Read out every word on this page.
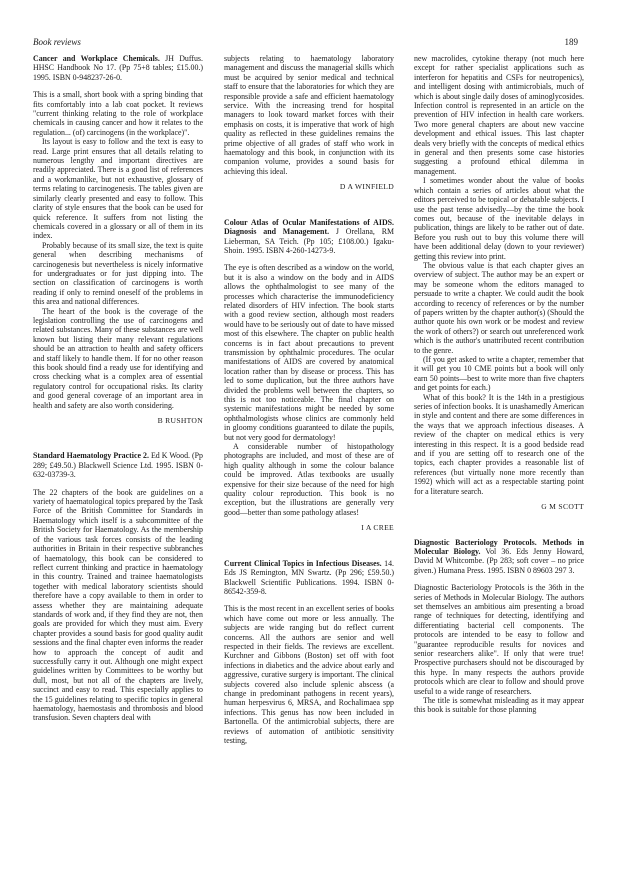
Book reviews	189
Cancer and Workplace Chemicals. JH Duffus. HHSC Handbook No 17. (Pp 75+8 tables; £15.00.) 1995. ISBN 0-948237-26-0.

This is a small, short book with a spring binding that fits comfortably into a lab coat pocket. It reviews "current thinking relating to the role of workplace chemicals in causing cancer and how it relates to the regulation... (of) carcinogens (in the workplace)".

Its layout is easy to follow and the text is easy to read. Large print ensures that all details relating to numerous lengthy and important directives are readily appreciated. There is a good list of references and a workmanlike, but not exhaustive, glossary of terms relating to carcinogenesis. The tables given are similarly clearly presented and easy to follow. This clarity of style ensures that the book can be used for quick reference. It suffers from not listing the chemicals covered in a glossary or all of them in its index.

Probably because of its small size, the text is quite general when describing mechanisms of carcinogenesis but nevertheless is nicely informative for undergraduates or for just dipping into. The section on classification of carcinogens is worth reading if only to remind oneself of the problems in this area and national differences.

The heart of the book is the coverage of the legislation controlling the use of carcinogens and related substances. Many of these substances are well known but listing their many relevant regulations should be an attraction to health and safety officers and staff likely to handle them. If for no other reason this book should find a ready use for identifying and cross checking what is a complex area of essential regulatory control for occupational risks. Its clarity and good general coverage of an important area in health and safety are also worth considering.

B RUSHTON
Standard Haematology Practice 2. Ed K Wood. (Pp 289; £49.50.) Blackwell Science Ltd. 1995. ISBN 0-632-03739-3.

The 22 chapters of the book are guidelines on a variety of haematological topics prepared by the Task Force of the British Committee for Standards in Haematology which itself is a subcommittee of the British Society for Haematology. As the membership of the various task forces consists of the leading authorities in Britain in their respective subbranches of haematology, this book can be considered to reflect current thinking and practice in haematology in this country. Trained and trainee haematologists together with medical laboratory scientists should therefore have a copy available to them in order to assess whether they are maintaining adequate standards of work and, if they find they are not, then goals are provided for which they must aim. Every chapter provides a sound basis for good quality audit sessions and the final chapter even informs the reader how to approach the concept of audit and successfully carry it out. Although one might expect guidelines written by Committees to be worthy but dull, most, but not all of the chapters are lively, succinct and easy to read. This especially applies to the 15 guidelines relating to specific topics in general haematology, haemostasis and thrombosis and blood transfusion. Seven chapters deal with

subjects relating to haematology laboratory management and discuss the managerial skills which must be acquired by senior medical and technical staff to ensure that the laboratories for which they are responsible provide a safe and efficient haematology service. With the increasing trend for hospital managers to look toward market forces with their emphasis on costs, it is imperative that work of high quality as reflected in these guidelines remains the prime objective of all grades of staff who work in haematology and this book, in conjunction with its companion volume, provides a sound basis for achieving this ideal.

D A WINFIELD
Colour Atlas of Ocular Manifestations of AIDS. Diagnosis and Management. J Orellana, RM Lieberman, SA Teich. (Pp 105; £108.00.) Igaku-Shoin. 1995. ISBN 4-260-14273-9.

The eye is often described as a window on the world, but it is also a window on the body and in AIDS allows the ophthalmologist to see many of the processes which characterise the immunodeficiency related disorders of HIV infection. The book starts with a good review section, although most readers would have to be seriously out of date to have missed most of this elsewhere. The chapter on public health concerns is in fact about precautions to prevent transmission by ophthalmic procedures. The ocular manifestations of AIDS are covered by anatomical location rather than by disease or process. This has led to some duplication, but the three authors have divided the problems well between the chapters, so this is not too noticeable. The final chapter on systemic manifestations might be needed by some ophthalmologists whose clinics are commonly held in gloomy conditions guaranteed to dilate the pupils, but not very good for dermatology!

A considerable number of histopathology photographs are included, and most of these are of high quality although in some the colour balance could be improved. Atlas textbooks are usually expensive for their size because of the need for high quality colour reproduction. This book is no exception, but the illustrations are generally very good—better than some pathology atlases!

I A CREE
Current Clinical Topics in Infectious Diseases. 14. Eds JS Remington, MN Swartz. (Pp 296; £59.50.) Blackwell Scientific Publications. 1994. ISBN 0-86542-359-8.

This is the most recent in an excellent series of books which have come out more or less annually. The subjects are wide ranging but do reflect current concerns. All the authors are senior and well respected in their fields. The reviews are excellent. Kurchner and Gibbons (Boston) set off with foot infections in diabetics and the advice about early and aggressive, curative surgery is important. The clinical subjects covered also include splenic abscess (a change in predominant pathogens in recent years), human herpesvirus 6, MRSA, and Rochalimaea spp infections. This genus has now been included in Bartonella. Of the antimicrobial subjects, there are reviews of automation of antibiotic sensitivity testing,

new macrolides, cytokine therapy (not much here except for rather specialist applications such as interferon for hepatitis and CSFs for neutropenics), and intelligent dosing with antimicrobials, much of which is about single daily doses of aminoglycosides. Infection control is represented in an article on the prevention of HIV infection in health care workers. Two more general chapters are about new vaccine development and ethical issues. This last chapter deals very briefly with the concepts of medical ethics in general and then presents some case histories suggesting a profound ethical dilemma in management.

I sometimes wonder about the value of books which contain a series of articles about what the editors perceived to be topical or debatable subjects. I use the past tense advisedly—by the time the book comes out, because of the inevitable delays in publication, things are likely to be rather out of date. Before you rush out to buy this volume there will have been additional delay (down to your reviewer) getting this review into print.

The obvious value is that each chapter gives an overview of subject. The author may be an expert or may be someone whom the editors managed to persuade to write a chapter. We could audit the book according to recency of references or by the number of papers written by the chapter author(s) (Should the author quote his own work or be modest and review the work of others?) or search out unreferenced work which is the author's unattributed recent contribution to the genre.

(If you get asked to write a chapter, remember that it will get you 10 CME points but a book will only earn 50 points—best to write more than five chapters and get points for each.)

What of this book? It is the 14th in a prestigious series of infection books. It is unashamedly American in style and content and there are some differences in the ways that we approach infectious diseases. A review of the chapter on medical ethics is very interesting in this respect. It is a good bedside read and if you are setting off to research one of the topics, each chapter provides a reasonable list of references (but virtually none more recently than 1992) which will act as a respectable starting point for a literature search.

G M SCOTT
Diagnostic Bacteriology Protocols. Methods in Molecular Biology. Vol 36. Eds Jenny Howard, David M Whitcombe. (Pp 283; soft cover – no price given.) Humana Press. 1995. ISBN 0 89603 297 3.

Diagnostic Bacteriology Protocols is the 36th in the series of Methods in Molecular Biology. The authors set themselves an ambitious aim presenting a broad range of techniques for detecting, identifying and differentiating bacterial cell components. The protocols are intended to be easy to follow and "guarantee reproducible results for novices and senior researchers alike". If only that were true! Prospective purchasers should not be discouraged by this hype. In many respects the authors provide protocols which are clear to follow and should prove useful to a wide range of researchers.

The title is somewhat misleading as it may appear this book is suitable for those planning
